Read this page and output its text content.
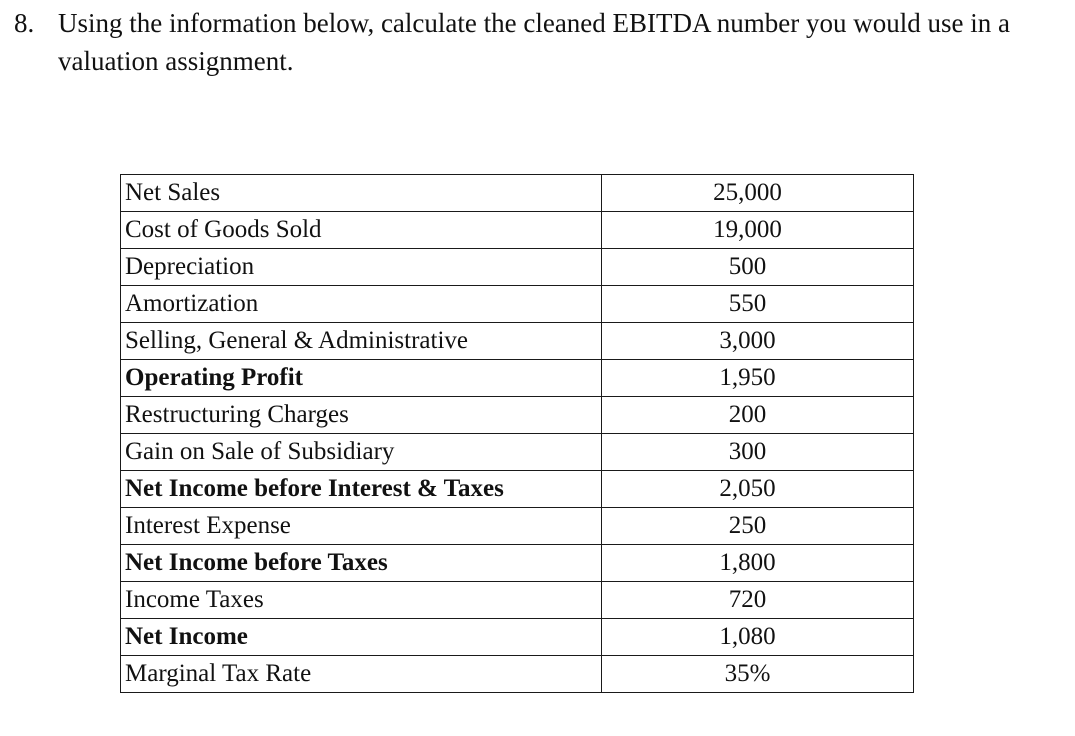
8. Using the information below, calculate the cleaned EBITDA number you would use in a valuation assignment.
Net Sales	25,000
Cost of Goods Sold	19,000
Depreciation	500
Amortization	550
Selling, General & Administrative	3,000
Operating Profit	1,950
Restructuring Charges	200
Gain on Sale of Subsidiary	300
Net Income before Interest & Taxes	2,050
Interest Expense	250
Net Income before Taxes	1,800
Income Taxes	720
Net Income	1,080
Marginal Tax Rate	35%
